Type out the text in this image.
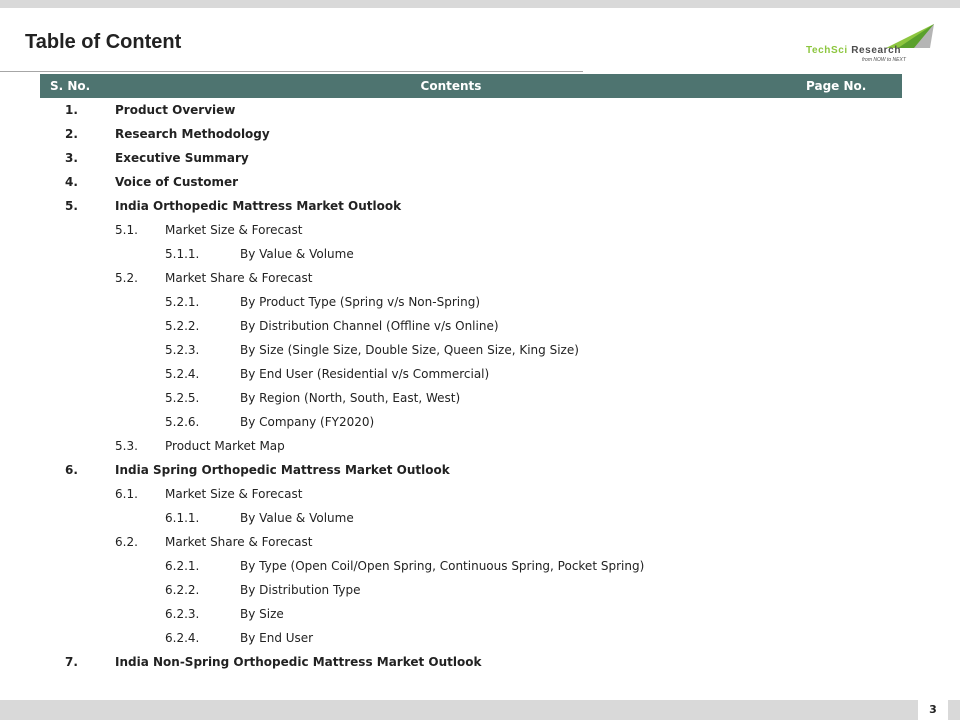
Table of Content	TechSci Research
from NOW to NEXT
S. No.	Contents	Page No.
1.	Product Overview
2.	Research Methodology
3.	Executive Summary
4.	Voice of Customer
5.	India Orthopedic Mattress Market Outlook
5.1. Market Size & Forecast
5.1.1.	By Value & Volume
5.2. Market Share & Forecast
5.2.1.	By Product Type (Spring v/s Non-Spring)
5.2.2.	By Distribution Channel (Offline v/s Online)
5.2.3.	By Size (Single Size, Double Size, Queen Size, King Size)
5.2.4.	By End User (Residential v/s Commercial)
5.2.5.	By Region (North, South, East, West)
5.2.6.	By Company (FY2020)
5.3. Product Market Map
6.	India Spring Orthopedic Mattress Market Outlook
6.1. Market Size & Forecast
6.1.1.	By Value & Volume
6.2. Market Share & Forecast
6.2.1.	By Type (Open Coil/Open Spring, Continuous Spring, Pocket Spring)
6.2.2.	By Distribution Type
6.2.3.	By Size
6.2.4.	By End User
7.	India Non-Spring Orthopedic Mattress Market Outlook
3
